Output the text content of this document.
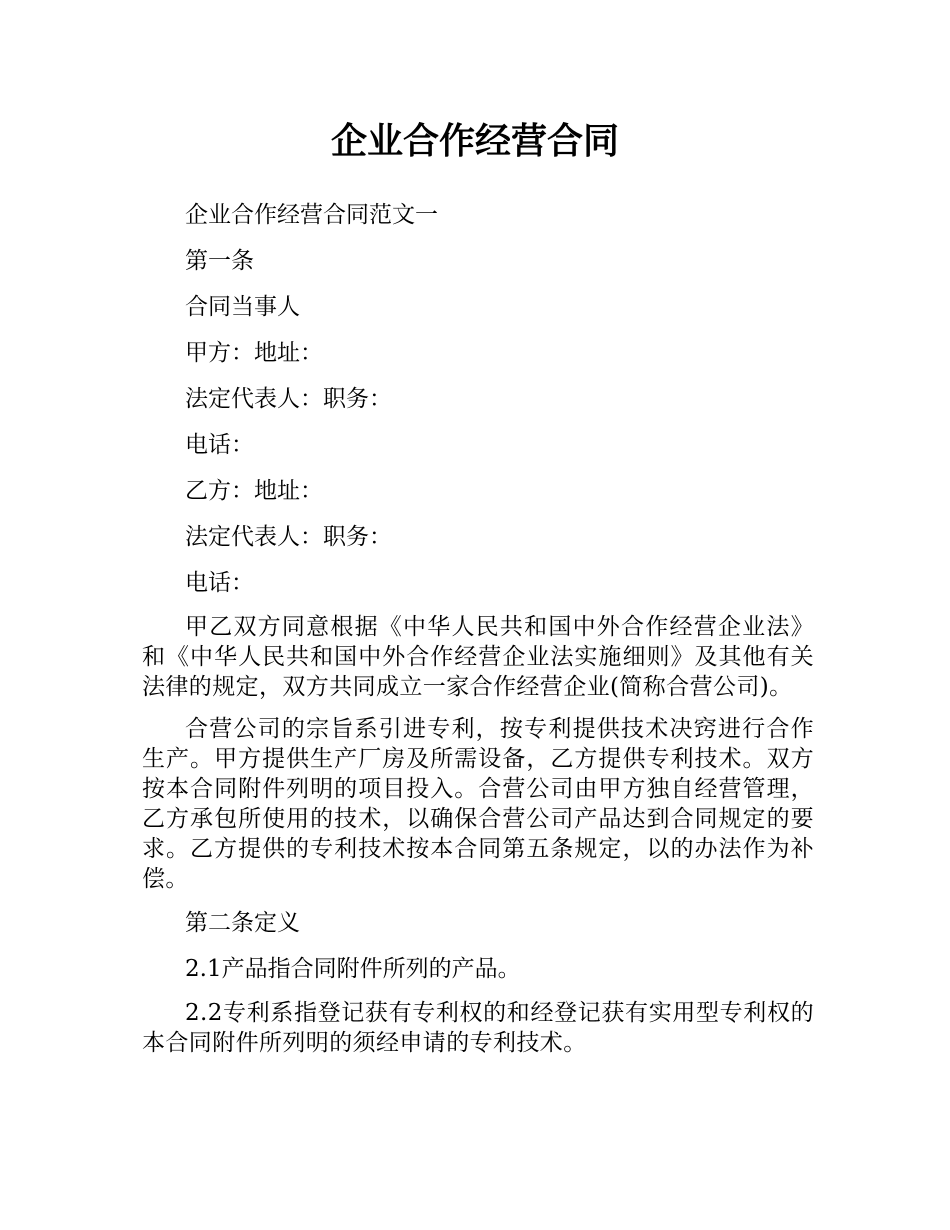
企业合作经营合同
企业合作经营合同范文一
第一条
合同当事人
甲方：地址：
法定代表人：职务：
电话：
乙方：地址：
法定代表人：职务：
电话：

甲乙双方同意根据《中华人民共和国中外合作经营企业法》和《中华人民共和国中外合作经营企业法实施细则》及其他有关法律的规定，双方共同成立一家合作经营企业(简称合营公司)。

合营公司的宗旨系引进专利，按专利提供技术决窍进行合作生产。甲方提供生产厂房及所需设备，乙方提供专利技术。双方按本合同附件列明的项目投入。合营公司由甲方独自经营管理，乙方承包所使用的技术，以确保合营公司产品达到合同规定的要求。乙方提供的专利技术按本合同第五条规定，以的办法作为补偿。

第二条定义
2.1产品指合同附件所列的产品。

2.2专利系指登记获有专利权的和经登记获有实用型专利权的本合同附件所列明的须经申请的专利技术。
